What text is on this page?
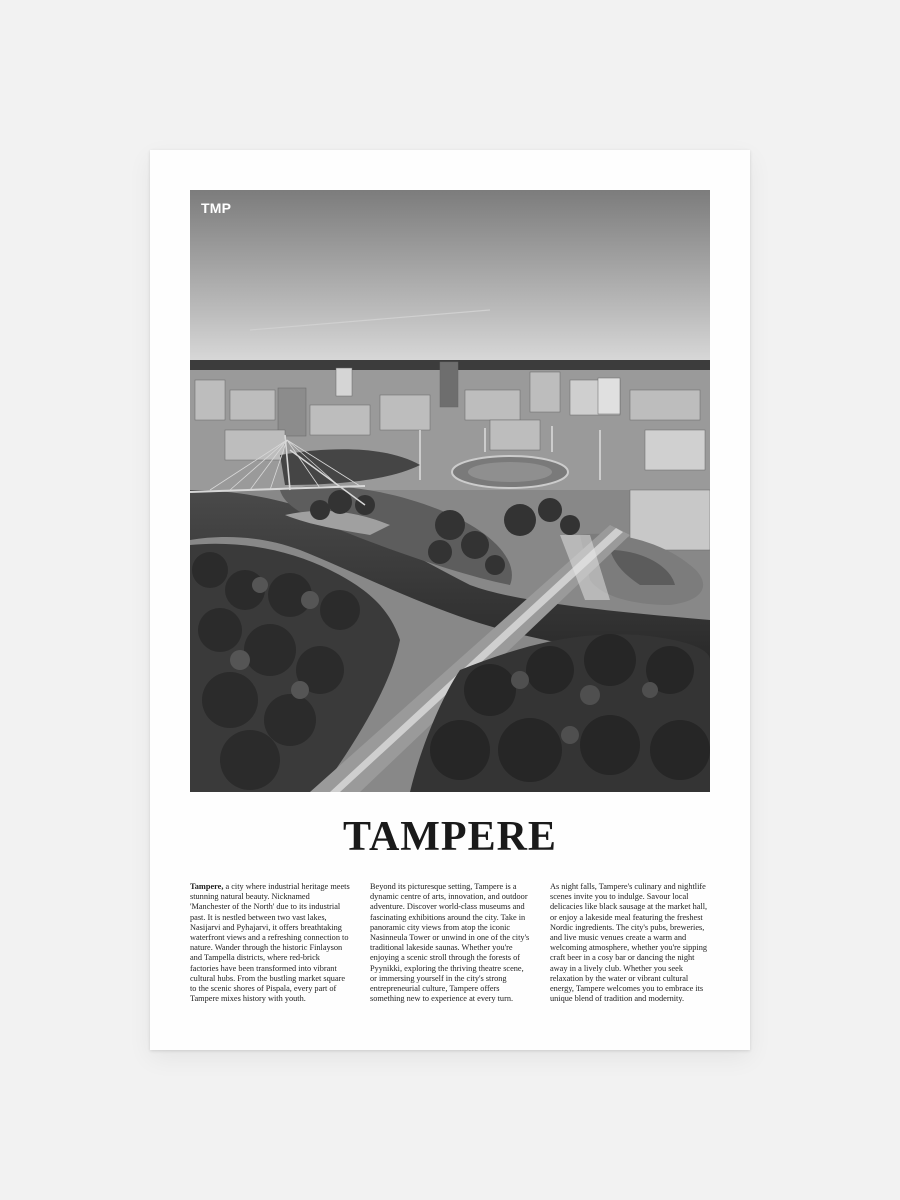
TMP
TAMPERE

Tampere, a city where industrial heritage meets stunning natural beauty. Nicknamed 'Manchester of the North' due to its industrial past. It is nestled between two vast lakes, Nasijarvi and Pyhajarvi, it offers breathtaking waterfront views and a refreshing connection to nature. Wander through the historic Finlayson and Tampella districts, where red-brick factories have been transformed into vibrant cultural hubs. From the bustling market square to the scenic shores of Pispala, every part of Tampere mixes history with youth.

Beyond its picturesque setting, Tampere is a dynamic centre of arts, innovation, and outdoor adventure. Discover world-class museums and fascinating exhibitions around the city. Take in panoramic city views from atop the iconic Nasinneula Tower or unwind in one of the city's traditional lakeside saunas. Whether you're enjoying a scenic stroll through the forests of Pyynikki, exploring the thriving theatre scene, or immersing yourself in the city's strong entrepreneurial culture, Tampere offers something new to experience at every turn.

As night falls, Tampere's culinary and nightlife scenes invite you to indulge. Savour local delicacies like black sausage at the market hall, or enjoy a lakeside meal featuring the freshest Nordic ingredients. The city's pubs, breweries, and live music venues create a warm and welcoming atmosphere, whether you're sipping craft beer in a cosy bar or dancing the night away in a lively club. Whether you seek relaxation by the water or vibrant cultural energy, Tampere welcomes you to embrace its unique blend of tradition and modernity.
